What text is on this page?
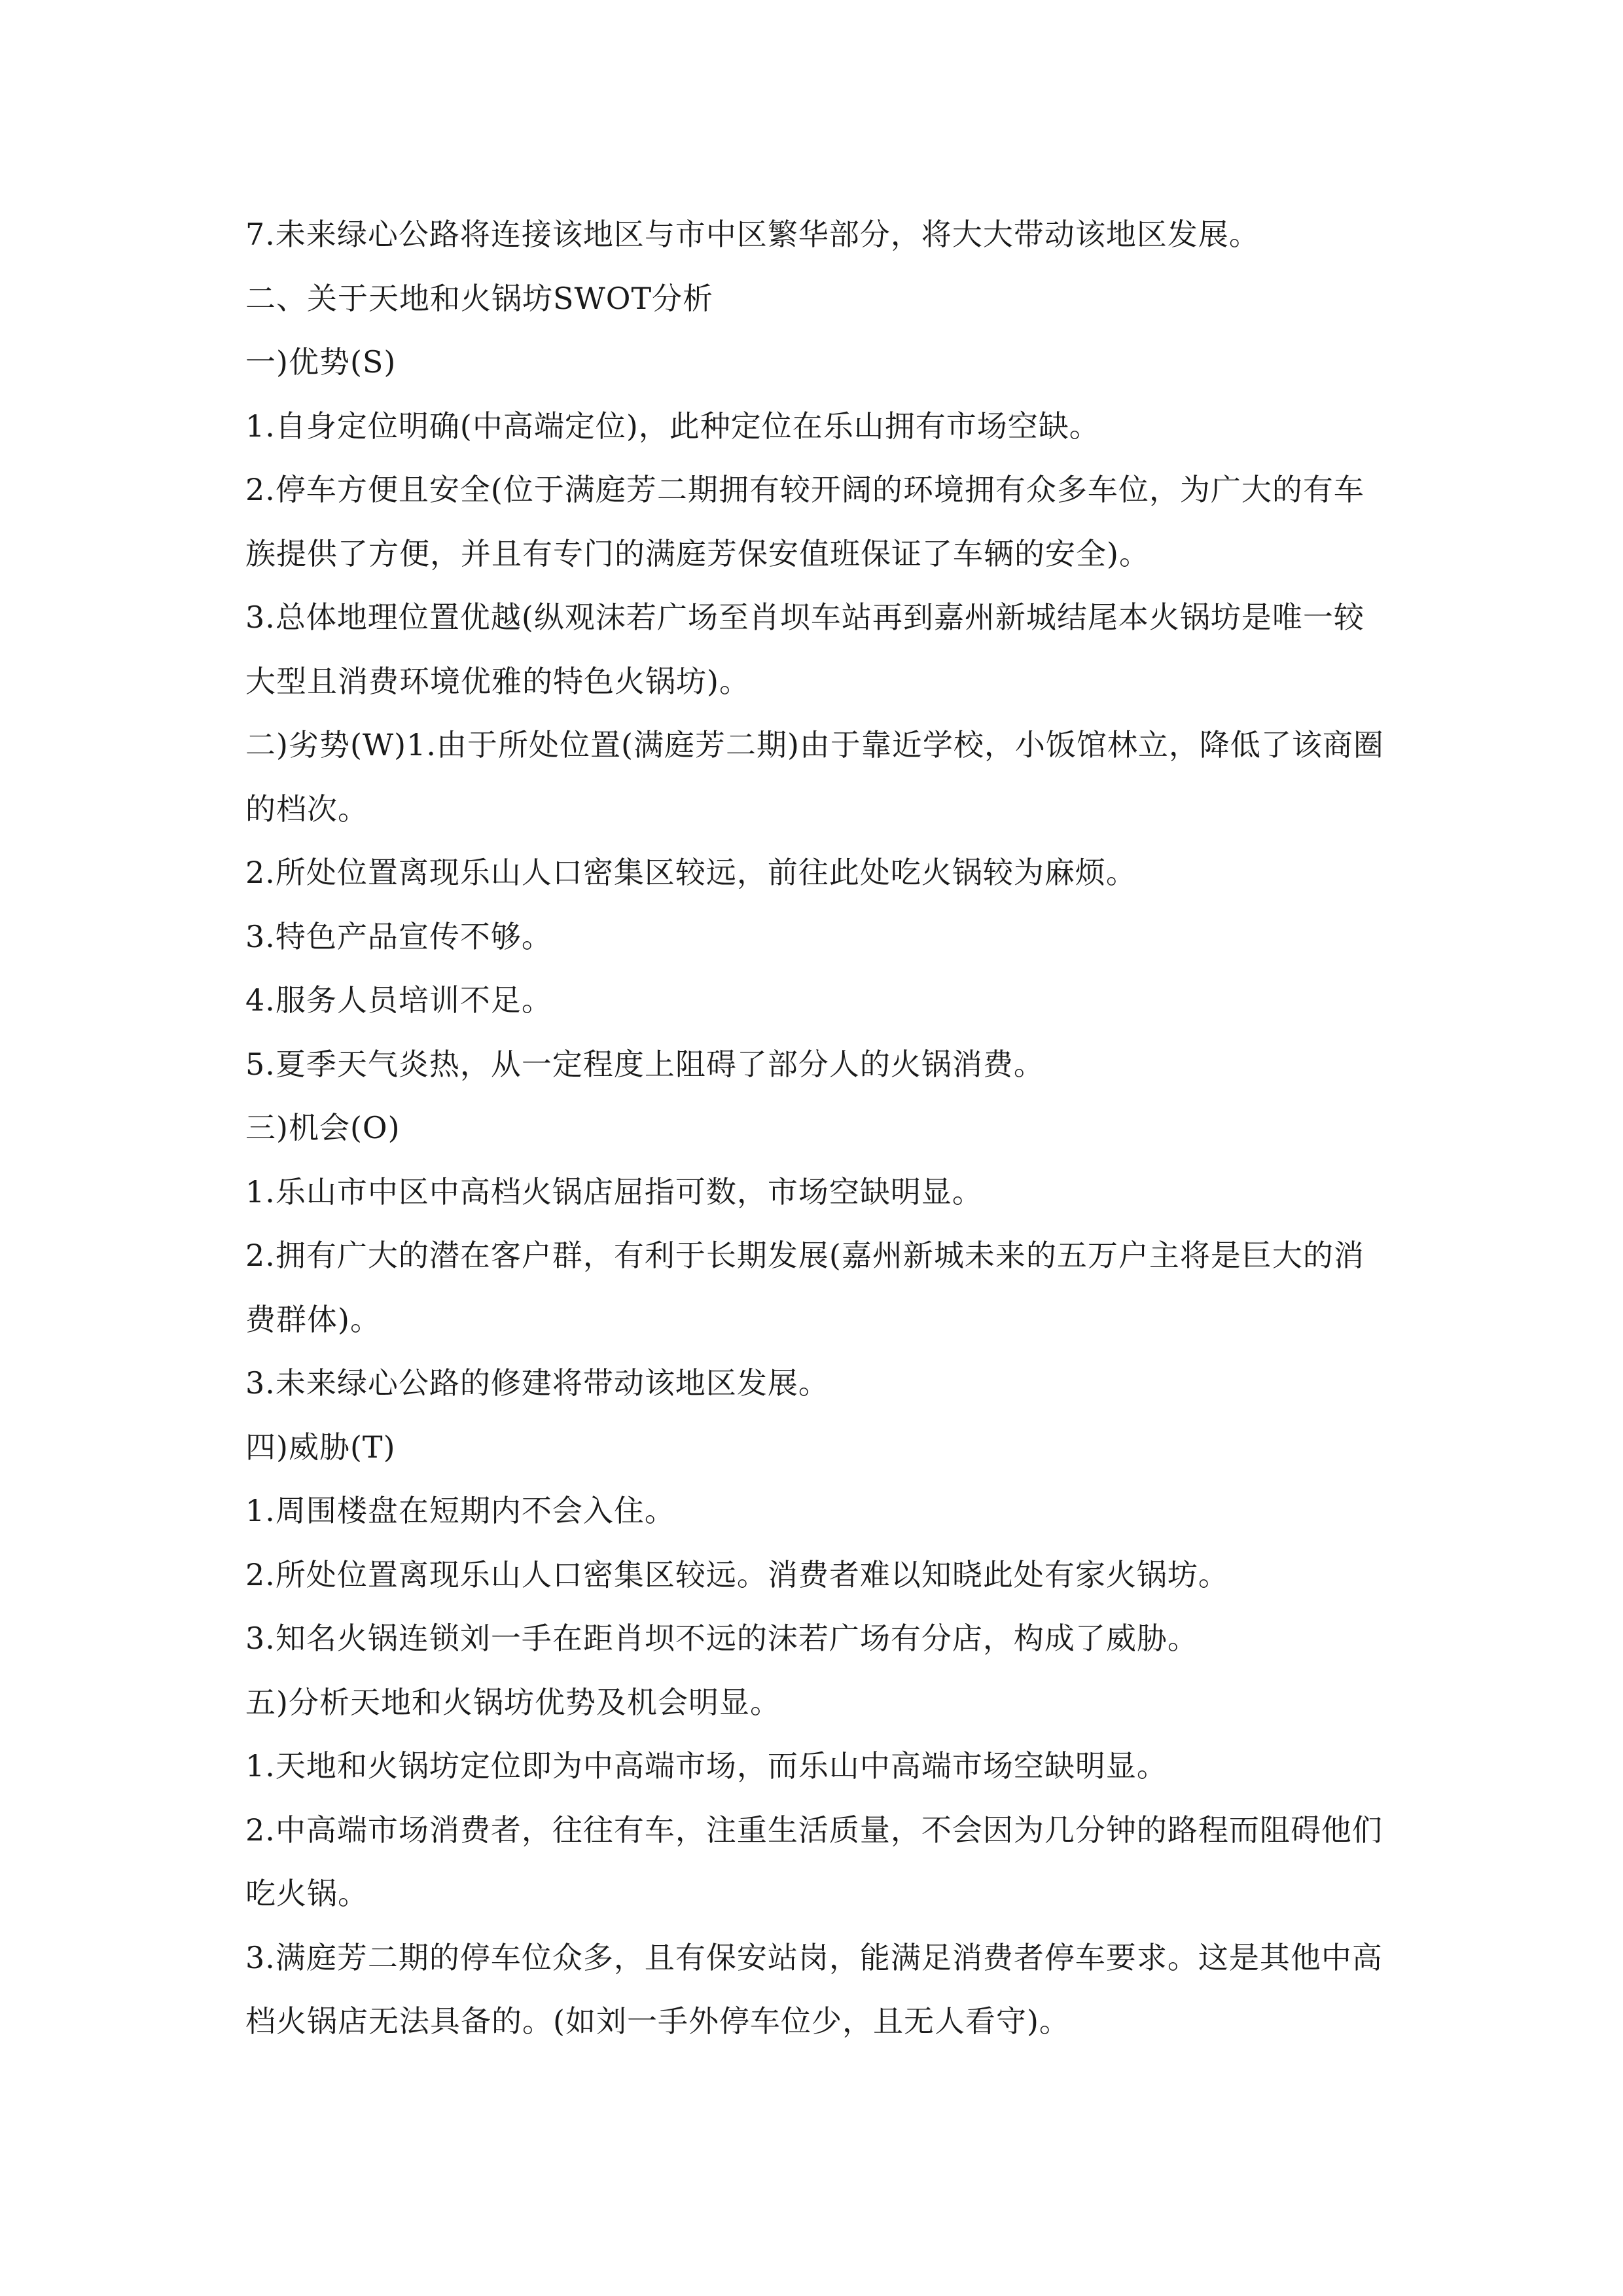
7.未来绿心公路将连接该地区与市中区繁华部分，将大大带动该地区发展。

二、关于天地和火锅坊SWOT分析

一)优势(S)

1.自身定位明确(中高端定位)，此种定位在乐山拥有市场空缺。

2.停车方便且安全(位于满庭芳二期拥有较开阔的环境拥有众多车位，为广大的有车族提供了方便，并且有专门的满庭芳保安值班保证了车辆的安全)。

3.总体地理位置优越(纵观沫若广场至肖坝车站再到嘉州新城结尾本火锅坊是唯一较大型且消费环境优雅的特色火锅坊)。

二)劣势(W)1.由于所处位置(满庭芳二期)由于靠近学校，小饭馆林立，降低了该商圈的档次。

2.所处位置离现乐山人口密集区较远，前往此处吃火锅较为麻烦。

3.特色产品宣传不够。

4.服务人员培训不足。

5.夏季天气炎热，从一定程度上阻碍了部分人的火锅消费。

三)机会(O)

1.乐山市中区中高档火锅店屈指可数，市场空缺明显。

2.拥有广大的潜在客户群，有利于长期发展(嘉州新城未来的五万户主将是巨大的消费群体)。

3.未来绿心公路的修建将带动该地区发展。

四)威胁(T)

1.周围楼盘在短期内不会入住。

2.所处位置离现乐山人口密集区较远。消费者难以知晓此处有家火锅坊。

3.知名火锅连锁刘一手在距肖坝不远的沫若广场有分店，构成了威胁。

五)分析天地和火锅坊优势及机会明显。

1.天地和火锅坊定位即为中高端市场，而乐山中高端市场空缺明显。

2.中高端市场消费者，往往有车，注重生活质量，不会因为几分钟的路程而阻碍他们吃火锅。

3.满庭芳二期的停车位众多，且有保安站岗，能满足消费者停车要求。这是其他中高档火锅店无法具备的。(如刘一手外停车位少，且无人看守)。
